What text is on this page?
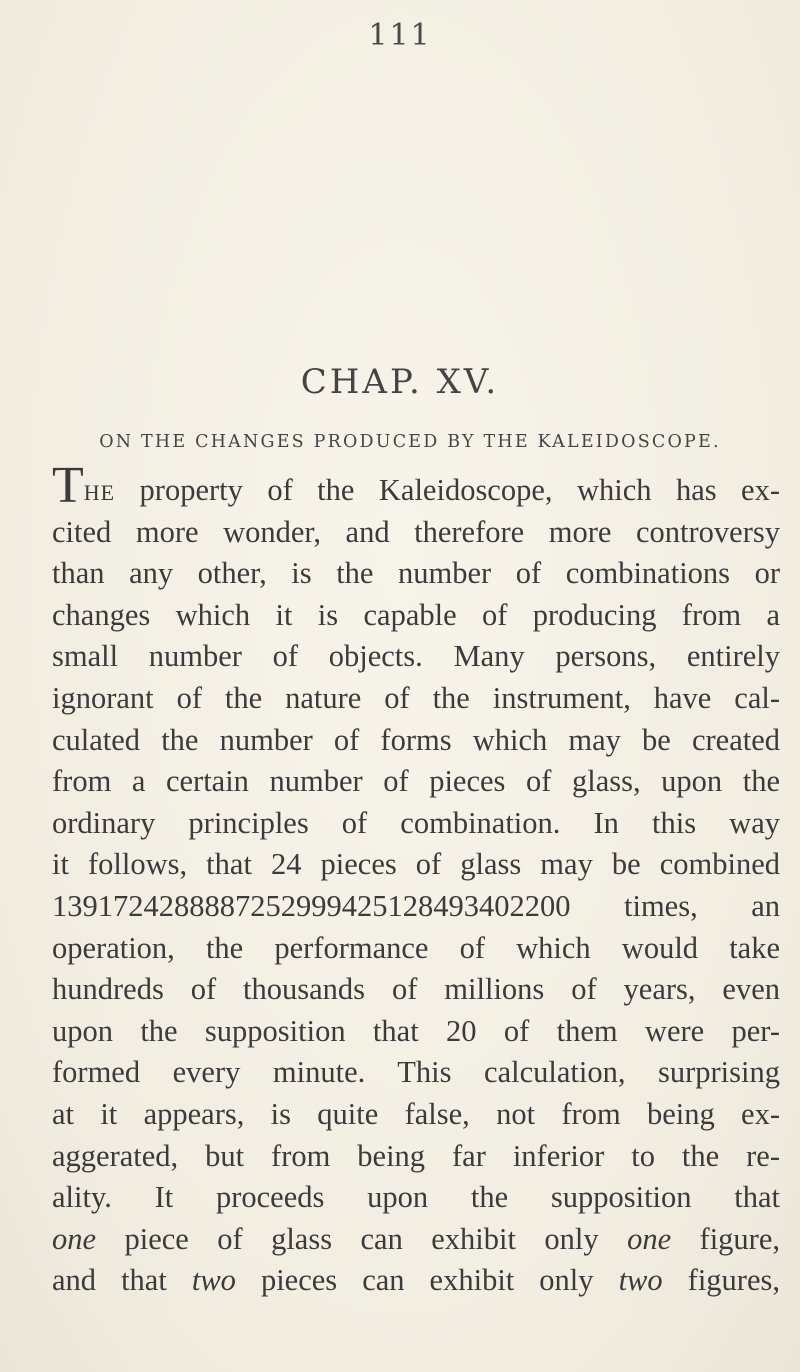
111
CHAP. XV.
ON THE CHANGES PRODUCED BY THE KALEIDOSCOPE.
THE property of the Kaleidoscope, which has ex-
cited more wonder, and therefore more controversy
than any other, is the number of combinations or
changes which it is capable of producing from a
small number of objects. Many persons, entirely
ignorant of the nature of the instrument, have cal-
culated the number of forms which may be created
from a certain number of pieces of glass, upon the
ordinary principles of combination. In this way
it follows, that 24 pieces of glass may be combined
1391724288887252999425128493402200 times, an
operation, the performance of which would take
hundreds of thousands of millions of years, even
upon the supposition that 20 of them were per-
formed every minute. This calculation, surprising
at it appears, is quite false, not from being ex-
aggerated, but from being far inferior to the re-
ality. It proceeds upon the supposition that
one piece of glass can exhibit only one figure,
and that two pieces can exhibit only two figures,
